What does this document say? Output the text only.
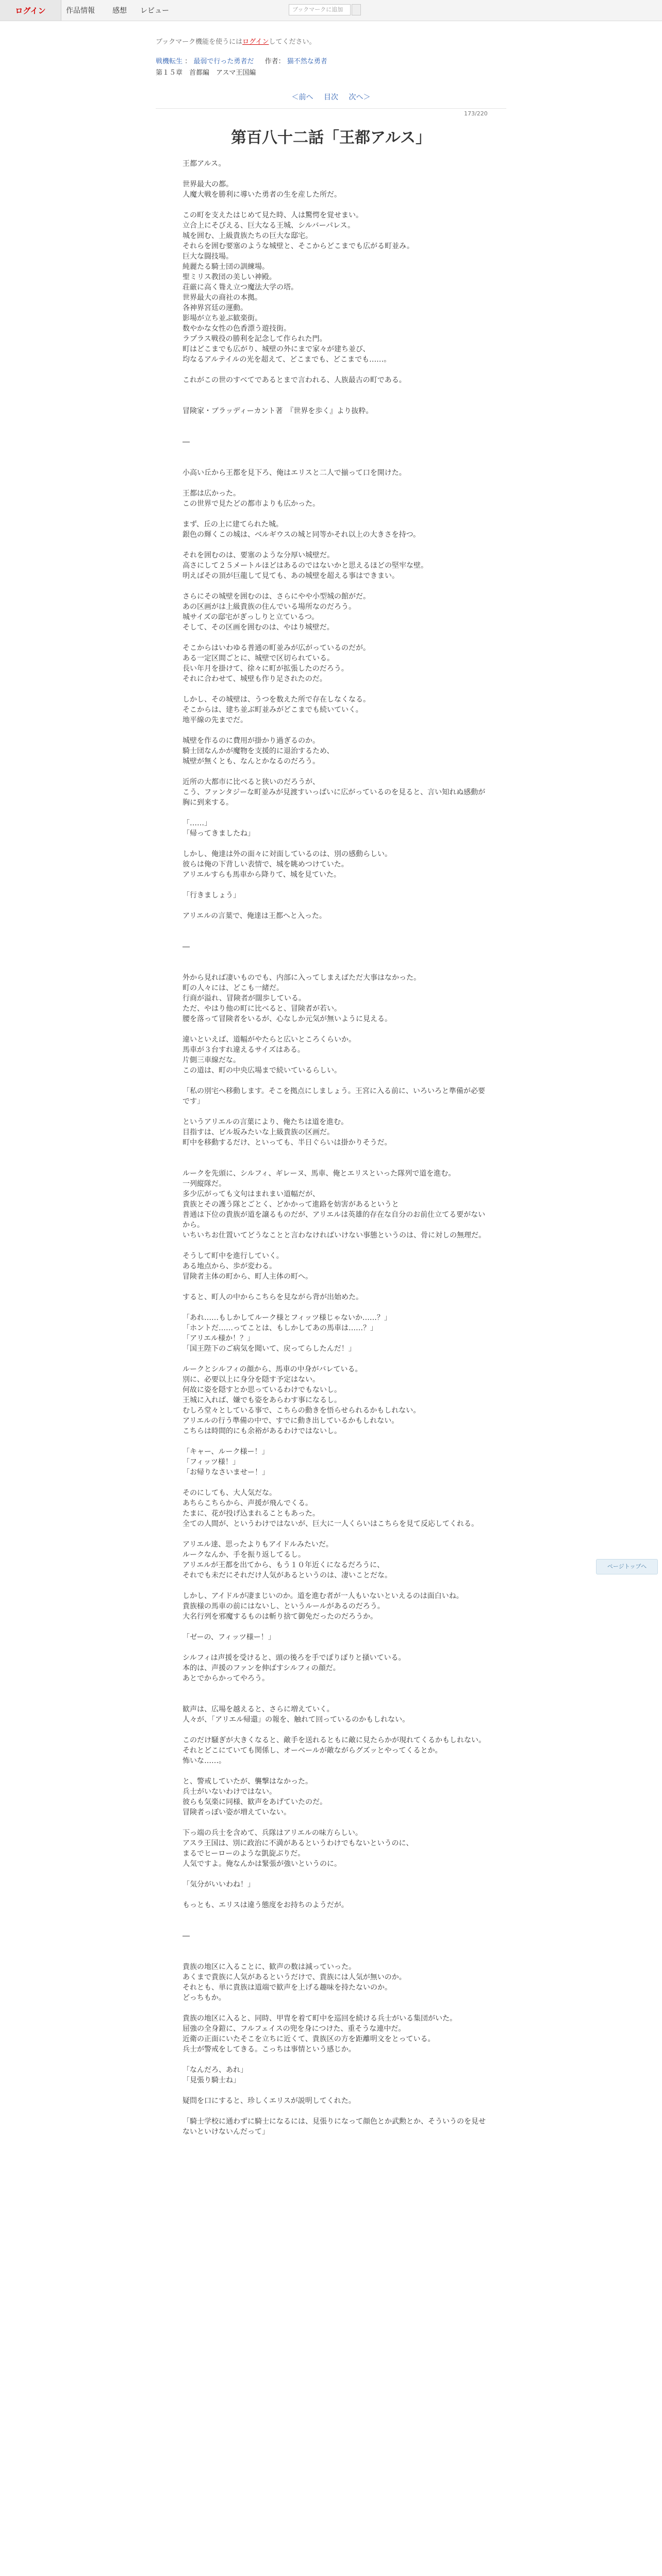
ログイン	作品情報 感想 レビュー	ブックマークに追加
ブックマーク機能を使うにはログインしてください。
戦機転生 ： 最弱で行った勇者だ 　 作者： 猫不然な勇者
第１５章　首都編　アスマ王国編
＜前へ 目次 次へ＞
173/220
第百八十二話「王都アルス」

王都アルス。

世界最大の都。

人魔大戦を勝利に導いた勇者の生を産した所だ。

この町を支えたはじめて見た時、人は驚愕を覚せまい。

立合上にそびえる、巨大なる王城、シルバーパレス。

城を囲む、上級貴族たちの巨大な邸宅。

それらを囲む要塞のような城壁と、そこからどこまでも広がる町並み。

巨大な闘技場。

純麗たる騎士団の訓練場。

聖ミリス教団の美しい神殿。

荘厳に高く聳え立つ魔法大学の塔。

世界最大の商社の本拠。

各神界宮廷の運動。

影場が立ち並ぶ歓楽街。

数やかな女性の色香漂う遊技街。

ラプラス戦役の勝利を記念して作られた門。

町はどこまでも広がり、城壁の外にまで家々が建ち並び、

均なるアルテイルの光を超えて、どこまでも、どこまでも……。

これがこの世のすべてであるとまで言われる、人族最古の町である。

冒険家・ブラッディーカント著　『世界を歩く』より抜粋。

―

小高い丘から王都を見下ろ、俺はエリスと二人で揃って口を開けた。

王都は広かった。

この世界で見たどの都市よりも広かった。

まず、丘の上に建てられた城。

銀色の輝くこの城は、ベルギウスの城と同等かそれ以上の大きさを持つ。

それを囲むのは、要塞のような分厚い城壁だ。

高さにして２５メートルほどはあるのではないかと思えるほどの堅牢な壁。

明えばその頂が巨龍して見ても、あの城壁を超える事はできまい。

さらにその城壁を囲むのは、さらにやや小型城の館がだ。

あの区画がは上級貴族の住んでいる場所なのだろう。

城サイズの邸宅がぎっしりと立ているつ。

そして、その区画を囲むのは、やはり城壁だ。

そこからはいわゆる普通の町並みが広がっているのだが。

ある一定区間ごとに、城壁で区切られている。

長い年月を掛けて、徐々に町が拡張したのだろう。

それに合わせて、城壁も作り足されたのだ。

しかし、その城壁は、うつを数えた所で存在しなくなる。

そこからは、建ち並ぶ町並みがどこまでも続いていく。

地平線の先までだ。

城壁を作るのに費用が掛かり過ぎるのか。

騎士団なんかが魔物を支援的に退治するため、

城壁が無くとも、なんとかなるのだろう。

近所の大都市に比べると狭いのだろうが、

こう、ファンタジーな町並みが見渡すいっぱいに広がっているのを見ると、言い知れぬ感動が胸に到来する。

「……」

「帰ってきましたね」

しかし、俺達は外の面々に対面しているのは、別の感動らしい。

彼らは俺の下背しい表情で、城を眺めつけていた。

アリエルすらも馬車から降りて、城を見ていた。

「行きましょう」

アリエルの言葉で、俺達は王都へと入った。

―

外から見れば凄いものでも、内部に入ってしまえばただ大事はなかった。

町の人々には、どこも一緒だ。

行商が溢れ、冒険者が闊歩している。

ただ、やはり他の町に比べると、冒険者が若い。

腰を落って冒険者をいるが、心なしか元気が無いように見える。

違いといえば、道幅がやたらと広いところくらいか。

馬車が３台すれ違えるサイズはある。

片側三車線だな。

この道は、町の中央広場まで続いているらしい。

「私の別宅へ移動します。そこを拠点にしましょう。王宮に入る前に、いろいろと準備が必要です」

というアリエルの言葉により、俺たちは道を進む。

目指すは、ビル坂みたいな上級貴族の区画だ。

町中を移動するだけ、といっても、半日ぐらいは掛かりそうだ。

ルークを先頭に、シルフィ、ギレーヌ、馬車、俺とエリスといった隊列で道を進む。

一列縦隊だ。

多少広がっても文句はまれまい道幅だが、

貴族とその護う隊とごとく、どかかって進路を妨害があるというと

普通は下位の貴族が道を譲るものだが、アリエルは英雄的存在な自分のお前仕立てる要がないから。

いちいちお仕置いてどうなことと言わなければいけない事態というのは、骨に対しの無理だ。

そうして町中を進行していく。

ある地点から、歩が変わる。

冒険者主体の町から、町人主体の町へ。

すると、町人の中からこちらを見ながら背が出始めた。

「あれ……もしかしてルーク様とフィッツ様じゃないか……？」

「ホントだ……ってことは、もしかしてあの馬車は……？」

「アリエル様か！？」

「国王陛下のご病気を聞いて、戻ってらしたんだ！」

ルークとシルフィの顔から、馬車の中身がバレている。

別に、必要以上に身分を隠す予定はない。

何故に姿を隠すとか思っているわけでもないし。

王城に入れば、嫌でも姿をあらわす事になるし。

むしろ堂々としている事で、こちらの動きを悟らせられるかもしれない。

アリエルの行う準備の中で、すでに動き出しているかもしれない。

こちらは時間的にも余裕があるわけではないし。

「キャー、ルーク様ー！」

「フィッツ様！」

「お帰りなさいませー！」

そのにしても、大人気だな。

あちらこちらから、声援が飛んでくる。

たまに、花が投げ込まれることもあった。

全ての人間が、というわけではないが、巨大に一人くらいはこちらを見て反応してくれる。

アリエル達、思ったよりもアイドルみたいだ。

ルークなんか、手を振り返してるし。

アリエルが王都を出てから、もう１０年近くになるだろうに、

それでも未だにそれだけ人気があるというのは、凄いことだな。

しかし、アイドルが凄まじいのか。道を進む者が一人もいないといえるのは面白いね。

貴族様の馬車の前にはないし、というルールがあるのだろう。

大名行列を邪魔するものは斬り捨て御免だったのだろうか。

「ゼーの、フィッツ様ー！」

シルフィは声援を受けると、頭の後ろを手でぽりぽりと掻いている。

本的は、声援のファンを伸ばすシルフィの顔だ。

あとでからかってやろう。

歓声は、広場を越えると、さらに増えていく。

人々が、「アリエル帰還」の報を、触れて回っているのかもしれない。

このだけ騒ぎが大きくなると、敵手を送れるともに敵に見たらかが現れてくるかもしれない。

それとどこにていても関係し、オーベールが敵ながらグズッとやってくるとか。

怖いな……。

と、警戒していたが、襲撃はなかった。

兵士がいないわけではない。

彼らも気楽に同様、歓声をあげていたのだ。

冒険者っぽい姿が増えていない。

下っ端の兵士を含めて、兵隊はアリエルの味方らしい。

アスラ王国は、別に政治に不満があるというわけでもないというのに、

まるでヒーローのような凱旋ぶりだ。

人気ですよ。俺なんかは緊張が強いというのに。

「気分がいいわね！」

もっとも、エリスは違う態度をお持ちのようだが。

―

貴族の地区に入ることに、歓声の数は減っていった。

あくまで貴族に人気があるというだけで、貴族には人気が無いのか。

それとも、単に貴族は道端で歓声を上げる趣味を持たないのか。

どっちもか。

貴族の地区に入ると、同時、甲冑を着て町中を巡回を続ける兵士がいる集団がいた。

屈強の全身鎧に、フルフェイスの兜を身につけた、重そうな連中だ。

近衛の正面にいたそこを立ちに近くて、貴族区の方を距離明文をとっている。

兵士が警戒をしてきる。こっちは事情という感じか。

「なんだろ、あれ」

「見張り騎士ね」

疑問を口にすると、珍しくエリスが説明してくれた。

「騎士学校に通わずに騎士になるには、見張りになって顔色とか武勲とか、そういうのを見せないといけないんだって」

ページトップへ
